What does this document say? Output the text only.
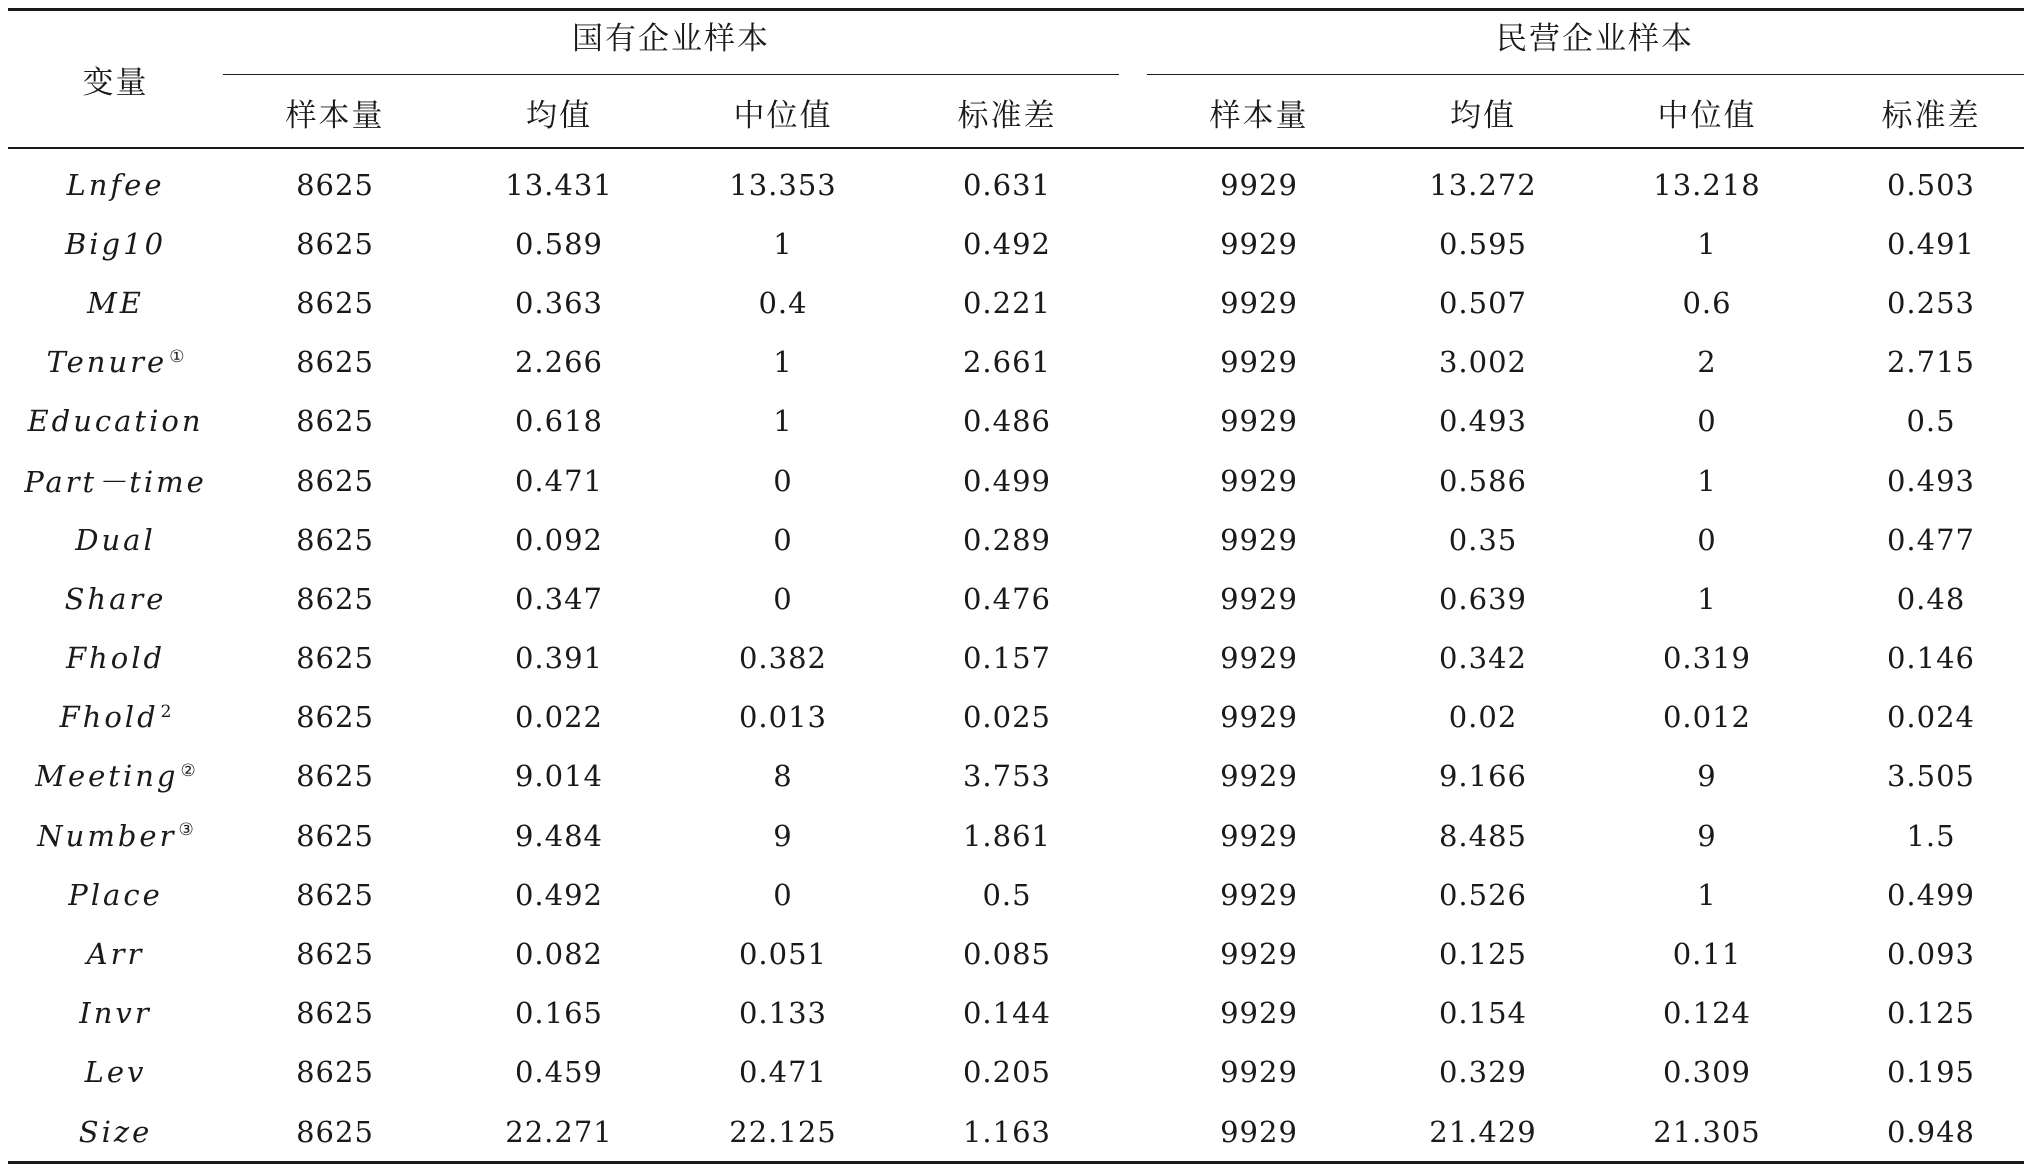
变量	国有企业样本					民营企业样本			

	样本量	均值	中位值	标准差		样本量	均值	中位值	标准差
Lnfee	8625	13.431	13.353	0.631		9929	13.272	13.218	0.503
Big10	8625	0.589	1	0.492		9929	0.595	1	0.491
ME	8625	0.363	0.4	0.221		9929	0.507	0.6	0.253
Tenure ①	8625	2.266	1	2.661		9929	3.002	2	2.715
Education	8625	0.618	1	0.486		9929	0.493	0	0.5
Part－time	8625	0.471	0	0.499		9929	0.586	1	0.493
Dual	8625	0.092	0	0.289		9929	0.35	0	0.477
Share	8625	0.347	0	0.476		9929	0.639	1	0.48
Fhold	8625	0.391	0.382	0.157		9929	0.342	0.319	0.146
Fhold $^2$	8625	0.022	0.013	0.025		9929	0.02	0.012	0.024
Meeting ②	8625	9.014	8	3.753		9929	9.166	9	3.505
Number ③	8625	9.484	9	1.861		9929	8.485	9	1.5
Place	8625	0.492	0	0.5		9929	0.526	1	0.499
Arr	8625	0.082	0.051	0.085		9929	0.125	0.11	0.093
Invr	8625	0.165	0.133	0.144		9929	0.154	0.124	0.125
Lev	8625	0.459	0.471	0.205		9929	0.329	0.309	0.195
Size	8625	22.271	22.125	1.163		9929	21.429	21.305	0.948
